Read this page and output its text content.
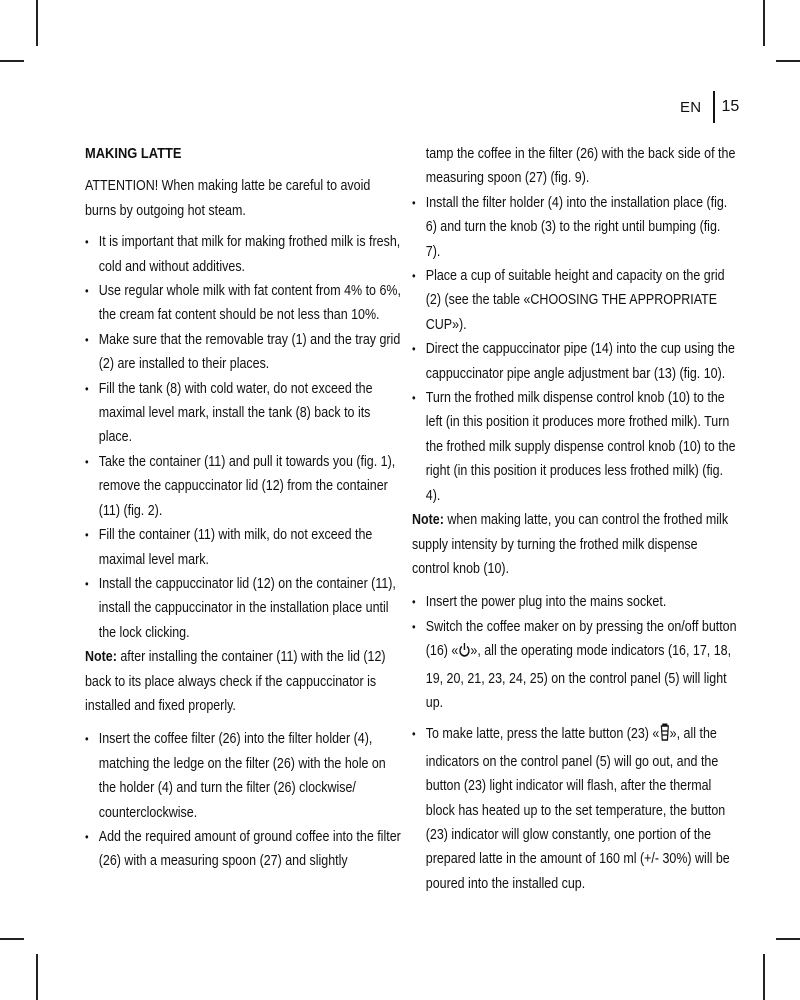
EN 15
MAKING LATTE

ATTENTION! When making latte be careful to avoid burns by outgoing hot steam.

• It is important that milk for making frothed milk is fresh, cold and without additives.
• Use regular whole milk with fat content from 4% to 6%, the cream fat content should be not less than 10%.
• Make sure that the removable tray (1) and the tray grid (2) are installed to their places.
• Fill the tank (8) with cold water, do not exceed the maximal level mark, install the tank (8) back to its place.
• Take the container (11) and pull it towards you (fig. 1), remove the cappuccinator lid (12) from the container (11) (fig. 2).
• Fill the container (11) with milk, do not exceed the maximal level mark.
• Install the cappuccinator lid (12) on the container (11), install the cappuccinator in the installation place until the lock clicking.

Note: after installing the container (11) with the lid (12) back to its place always check if the cappuccinator is installed and fixed properly.

• Insert the coffee filter (26) into the filter holder (4), matching the ledge on the filter (26) with the hole on the holder (4) and turn the filter (26) clockwise/ counterclockwise.
• Add the required amount of ground coffee into the filter (26) with a measuring spoon (27) and slightly

tamp the coffee in the filter (26) with the back side of the measuring spoon (27) (fig. 9).

• Install the filter holder (4) into the installation place (fig. 6) and turn the knob (3) to the right until bumping (fig. 7).
• Place a cup of suitable height and capacity on the grid (2) (see the table «CHOOSING THE APPROPRIATE CUP»).
• Direct the cappuccinator pipe (14) into the cup using the cappuccinator pipe angle adjustment bar (13) (fig. 10).
• Turn the frothed milk dispense control knob (10) to the left (in this position it produces more frothed milk). Turn the frothed milk supply dispense control knob (10) to the right (in this position it produces less frothed milk) (fig. 4).

Note: when making latte, you can control the frothed milk supply intensity by turning the frothed milk dispense control knob (10).

• Insert the power plug into the mains socket.
• Switch the coffee maker on by pressing the on/off button (16) « », all the operating mode indicators (16, 17, 18, 19, 20, 21, 23, 24, 25) on the control panel (5) will light up.
• To make latte, press the latte button (23) « », all the indicators on the control panel (5) will go out, and the button (23) light indicator will flash, after the thermal block has heated up to the set temperature, the button (23) indicator will glow constantly, one portion of the prepared latte in the amount of 160 ml (+/- 30%) will be poured into the installed cup.
